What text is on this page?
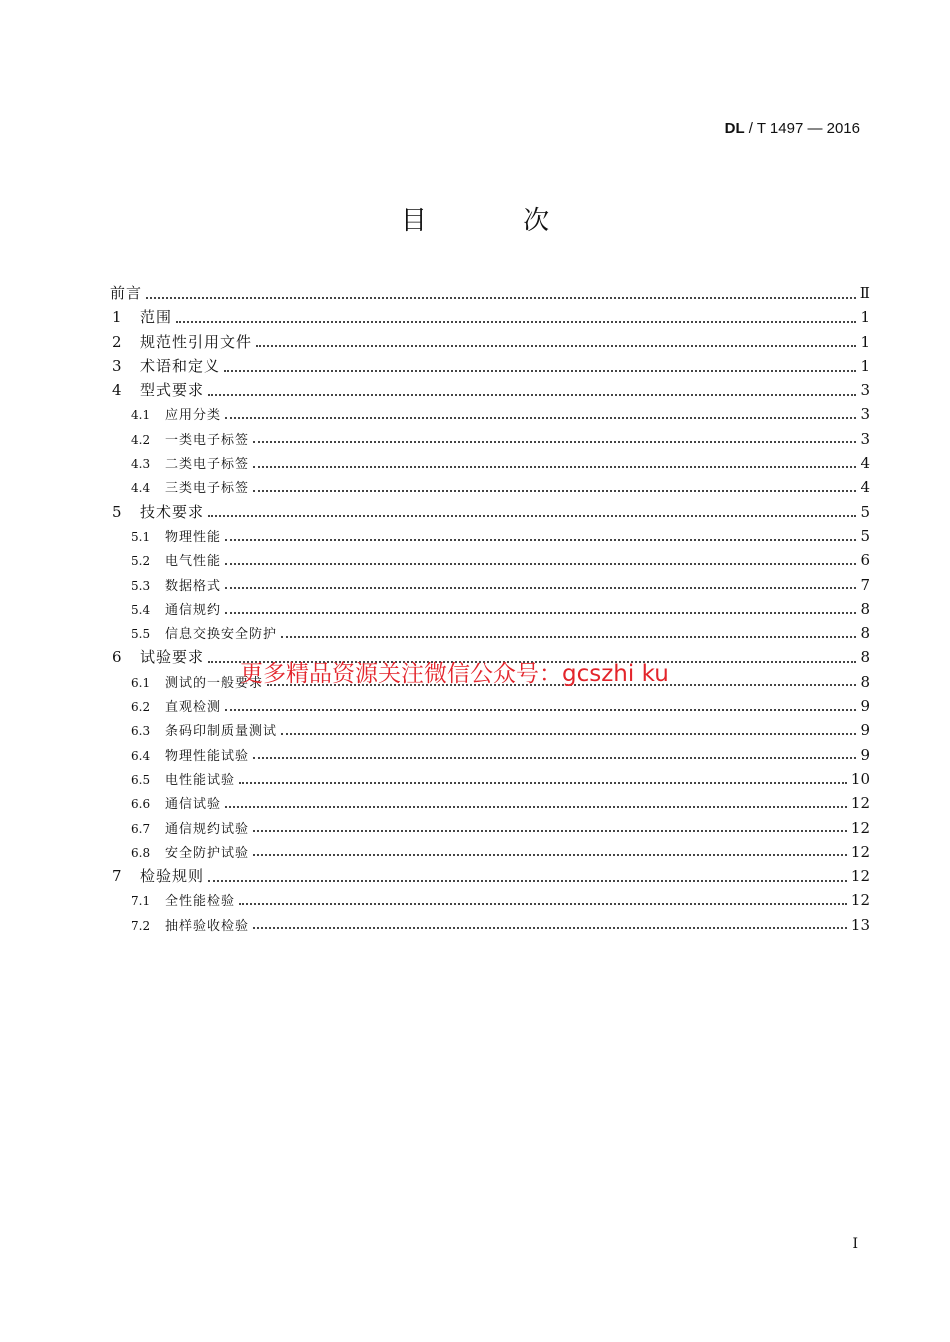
DL / T 1497 — 2016
目 次
前言	Ⅱ
1	范围	1
2	规范性引用文件	1
3	术语和定义	1
4	型式要求	3
4.1	应用分类	3
4.2	一类电子标签	3
4.3	二类电子标签	4
4.4	三类电子标签	4
5	技术要求	5
5.1	物理性能	5
5.2	电气性能	6
5.3	数据格式	7
5.4	通信规约	8
5.5	信息交换安全防护	8
6	试验要求	8
6.1	测试的一般要求	8
6.2	直观检测	9
6.3	条码印制质量测试	9
6.4	物理性能试验	9
6.5	电性能试验	10
6.6	通信试验	12
6.7	通信规约试验	12
6.8	安全防护试验	12
7	检验规则	12
7.1	全性能检验	12
7.2	抽样验收检验	13
更多精品资源关注微信公众号：gcszhi ku
I
